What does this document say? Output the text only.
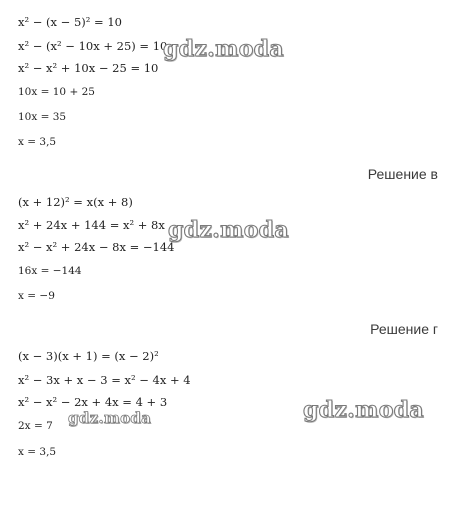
x² − (x − 5)² = 10
x² − (x² − 10x + 25) = 10
x² − x² + 10x − 25 = 10
10x = 10 + 25
10x = 35
x = 3,5
Решение в
(x + 12)² = x(x + 8)
x² + 24x + 144 = x² + 8x
x² − x² + 24x − 8x = −144
16x = −144
x = −9
Решение г
(x − 3)(x + 1) = (x − 2)²
x² − 3x + x − 3 = x² − 4x + 4
x² − x² − 2x + 4x = 4 + 3
2x = 7
x = 3,5
gdz.moda
gdz.moda
gdz.moda
gdz.moda
